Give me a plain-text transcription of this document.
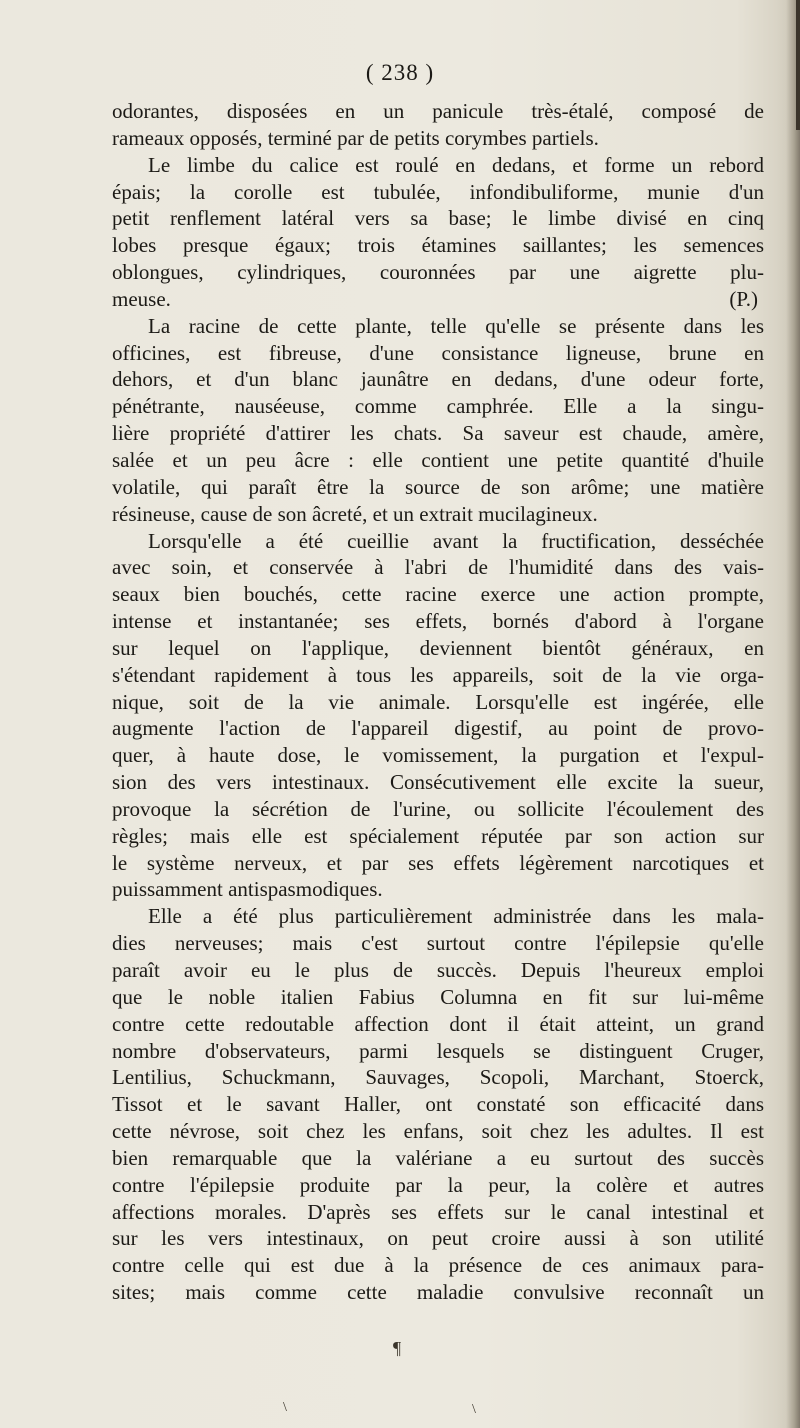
( 238 )
odorantes, disposées en un panicule très-étalé, composé de
rameaux opposés, terminé par de petits corymbes partiels.
Le limbe du calice est roulé en dedans, et forme un rebord
épais; la corolle est tubulée, infondibuliforme, munie d'un
petit renflement latéral vers sa base; le limbe divisé en cinq
lobes presque égaux; trois étamines saillantes; les semences
oblongues, cylindriques, couronnées par une aigrette plu-
meuse.	(P.)
La racine de cette plante, telle qu'elle se présente dans les
officines, est fibreuse, d'une consistance ligneuse, brune en
dehors, et d'un blanc jaunâtre en dedans, d'une odeur forte,
pénétrante, nauséeuse, comme camphrée. Elle a la singu-
lière propriété d'attirer les chats. Sa saveur est chaude, amère,
salée et un peu âcre : elle contient une petite quantité d'huile
volatile, qui paraît être la source de son arôme; une matière
résineuse, cause de son âcreté, et un extrait mucilagineux.
Lorsqu'elle a été cueillie avant la fructification, desséchée
avec soin, et conservée à l'abri de l'humidité dans des vais-
seaux bien bouchés, cette racine exerce une action prompte,
intense et instantanée; ses effets, bornés d'abord à l'organe
sur lequel on l'applique, deviennent bientôt généraux, en
s'étendant rapidement à tous les appareils, soit de la vie orga-
nique, soit de la vie animale. Lorsqu'elle est ingérée, elle
augmente l'action de l'appareil digestif, au point de provo-
quer, à haute dose, le vomissement, la purgation et l'expul-
sion des vers intestinaux. Consécutivement elle excite la sueur,
provoque la sécrétion de l'urine, ou sollicite l'écoulement des
règles; mais elle est spécialement réputée par son action sur
le système nerveux, et par ses effets légèrement narcotiques et
puissamment antispasmodiques.
Elle a été plus particulièrement administrée dans les mala-
dies nerveuses; mais c'est surtout contre l'épilepsie qu'elle
paraît avoir eu le plus de succès. Depuis l'heureux emploi
que le noble italien Fabius Columna en fit sur lui-même
contre cette redoutable affection dont il était atteint, un grand
nombre d'observateurs, parmi lesquels se distinguent Cruger,
Lentilius, Schuckmann, Sauvages, Scopoli, Marchant, Stoerck,
Tissot et le savant Haller, ont constaté son efficacité dans
cette névrose, soit chez les enfans, soit chez les adultes. Il est
bien remarquable que la valériane a eu surtout des succès
contre l'épilepsie produite par la peur, la colère et autres
affections morales. D'après ses effets sur le canal intestinal et
sur les vers intestinaux, on peut croire aussi à son utilité
contre celle qui est due à la présence de ces animaux para-
sites; mais comme cette maladie convulsive reconnaît un
¶
\	\
